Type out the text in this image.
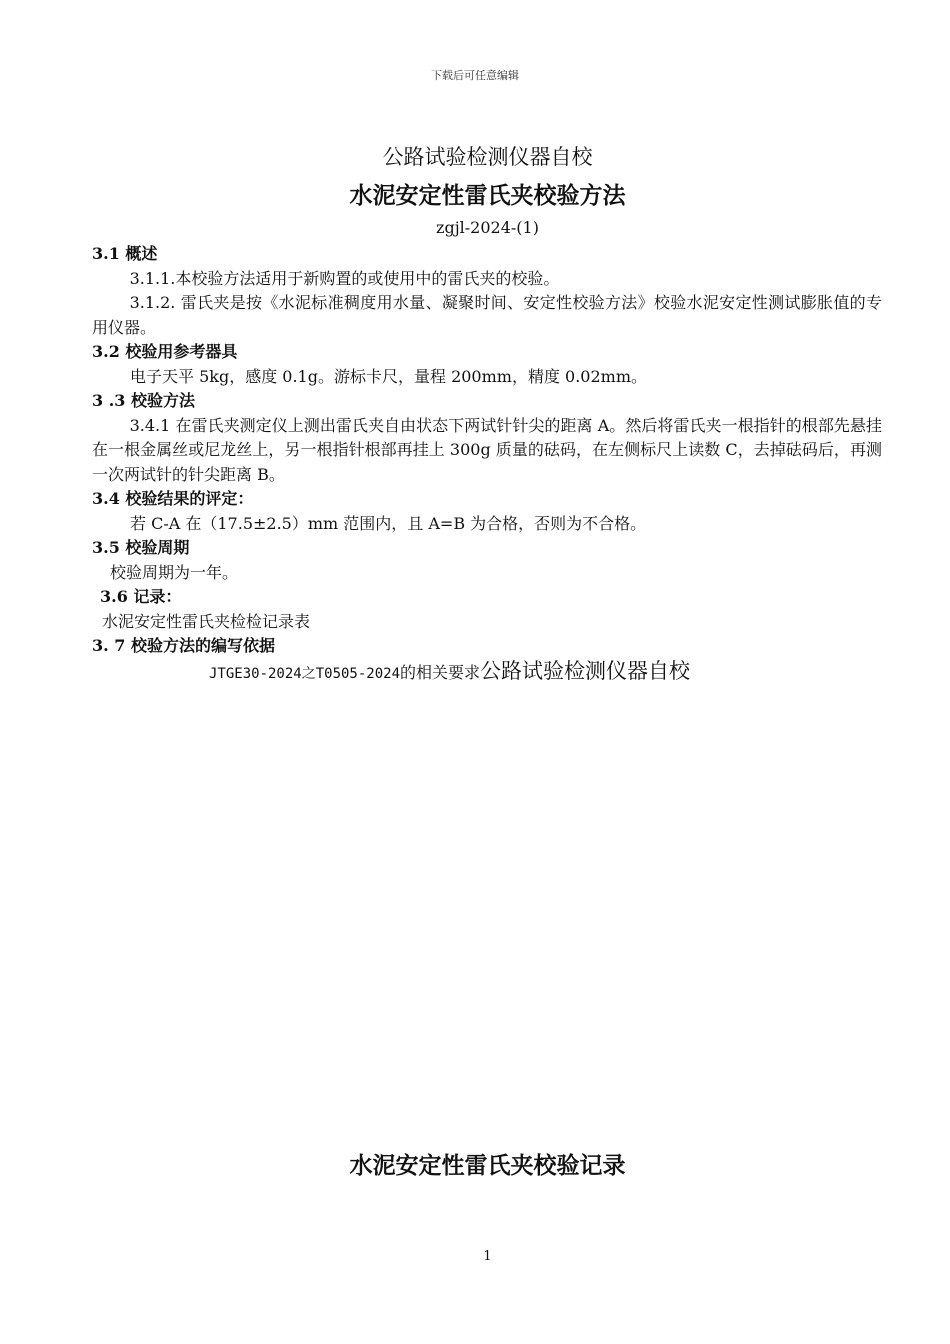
下载后可任意编辑
公路试验检测仪器自校
水泥安定性雷氏夹校验方法
zgjl-2024-(1)
3.1 概述
3.1.1.本校验方法适用于新购置的或使用中的雷氏夹的校验。
3.1.2. 雷氏夹是按《水泥标准稠度用水量、凝聚时间、安定性校验方法》校验水泥安定性测试膨胀值的专用仪器。
3.2 校验用参考器具
电子天平 5kg，感度 0.1g。游标卡尺，量程 200mm，精度 0.02mm。
3 .3 校验方法
3.4.1 在雷氏夹测定仪上测出雷氏夹自由状态下两试针针尖的距离 A。然后将雷氏夹一根指针的根部先悬挂在一根金属丝或尼龙丝上，另一根指针根部再挂上 300g 质量的砝码，在左侧标尺上读数 C，去掉砝码后，再测一次两试针的针尖距离 B。
3.4 校验结果的评定：
若 C-A 在（17.5±2.5）mm 范围内，且 A=B 为合格，否则为不合格。
3.5 校验周期
校验周期为一年。
3.6 记录：
水泥安定性雷氏夹检检记录表
3. 7 校验方法的编写依据
JTGE30-2024之T0505-2024的相关要求公路试验检测仪器自校
水泥安定性雷氏夹校验记录
1
